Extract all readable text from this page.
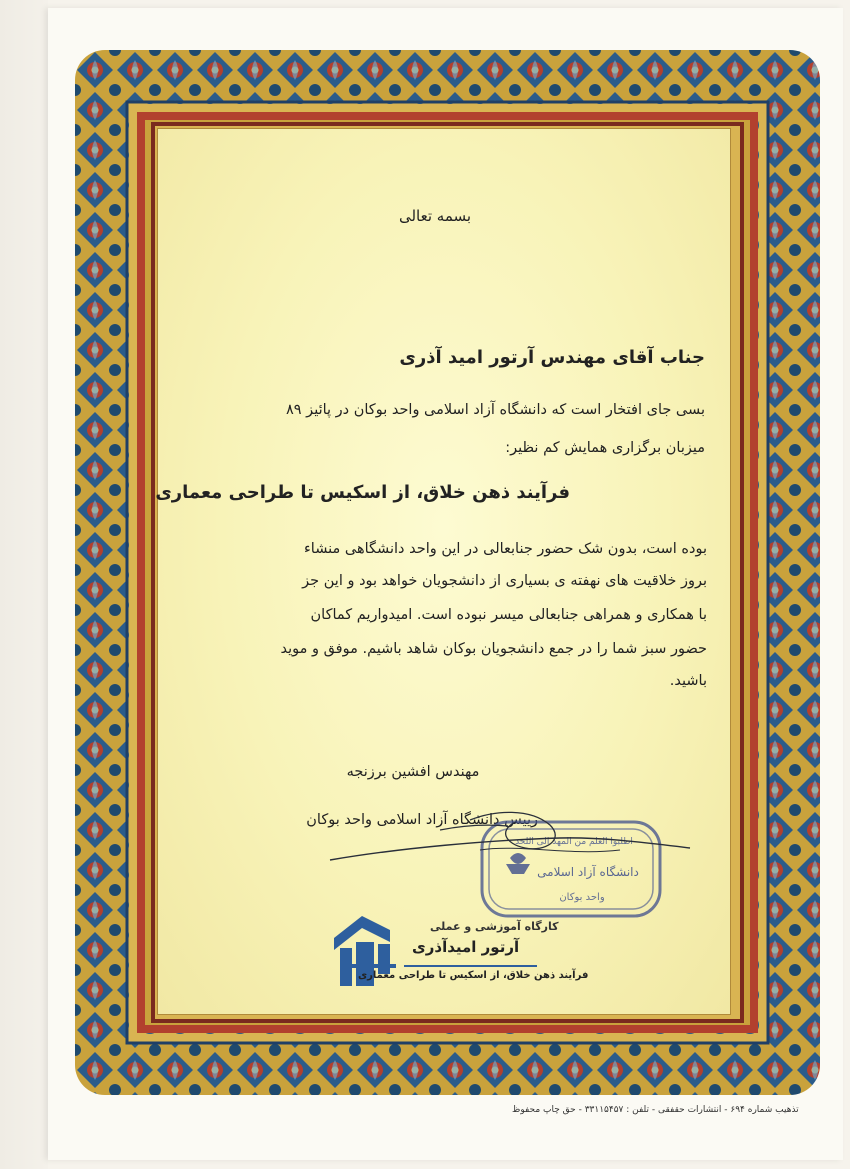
بسمه تعالی
جناب آقای مهندس آرتور امید آذری
بسی جای افتخار است که دانشگاه آزاد اسلامی واحد بوکان در پائیز ۸۹
میزبان برگزاری همایش کم نظیر:
فرآیند ذهن خلاق، از اسکیس تا طراحی معماری
بوده است، بدون شک حضور جنابعالی در این واحد دانشگاهی منشاء
بروز خلاقیت های نهفته ی بسیاری از دانشجویان خواهد بود و این جز
با همکاری و همراهی جنابعالی میسر نبوده است. امیدواریم کماکان
حضور سبز شما را در جمع دانشجویان بوکان شاهد باشیم. موفق و موید
باشید.
مهندس افشین برزنجه
رییس دانشگاه آزاد اسلامی واحد بوکان
اطلبوا العلم من المهد الى اللحد
دانشگاه آزاد اسلامی
واحد بوکان
کارگاه آموزشی و عملی
آرتور امیدآذری
فرآیند ذهن خلاق، از اسکیس تا طراحی معماری
تذهیب شماره ۶۹۴ - انتشارات حقفقی - تلفن : ۳۳۱۱۵۴۵۷ - حق چاپ محفوظ
